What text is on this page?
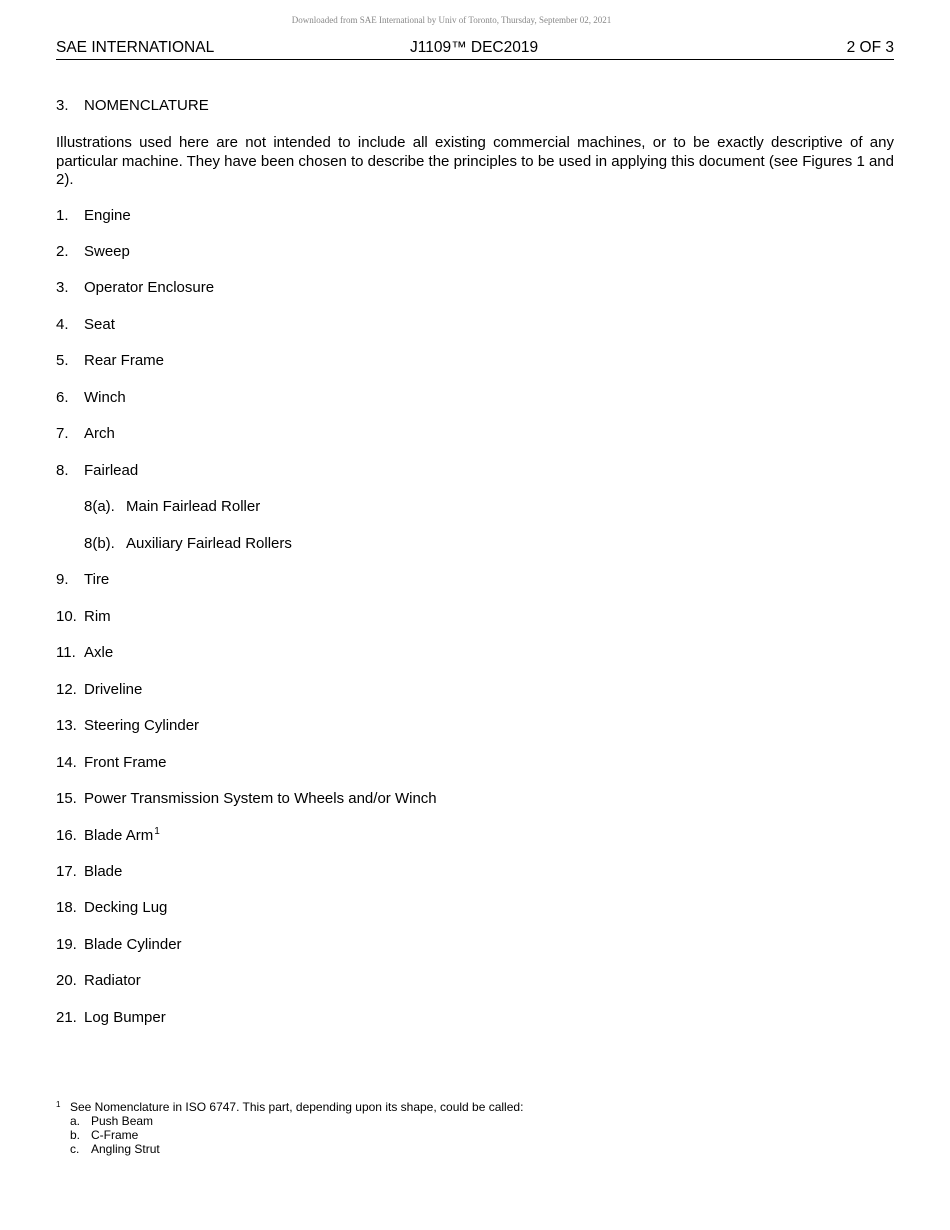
Downloaded from SAE International by Univ of Toronto, Thursday, September 02, 2021
SAE INTERNATIONAL	J1109™ DEC2019	2 OF 3
3. NOMENCLATURE

Illustrations used here are not intended to include all existing commercial machines, or to be exactly descriptive of any particular machine. They have been chosen to describe the principles to be used in applying this document (see Figures 1 and 2).

1. Engine
2. Sweep
3. Operator Enclosure
4. Seat
5. Rear Frame
6. Winch
7. Arch
8. Fairlead
8(a). Main Fairlead Roller
8(b). Auxiliary Fairlead Rollers
9. Tire
10. Rim
11. Axle
12. Driveline
13. Steering Cylinder
14. Front Frame
15. Power Transmission System to Wheels and/or Winch
16. Blade Arm$^1$
17. Blade
18. Decking Lug
19. Blade Cylinder
20. Radiator
21. Log Bumper
1 See Nomenclature in ISO 6747. This part, depending upon its shape, could be called:
a. Push Beam
b. C-Frame
c. Angling Strut
